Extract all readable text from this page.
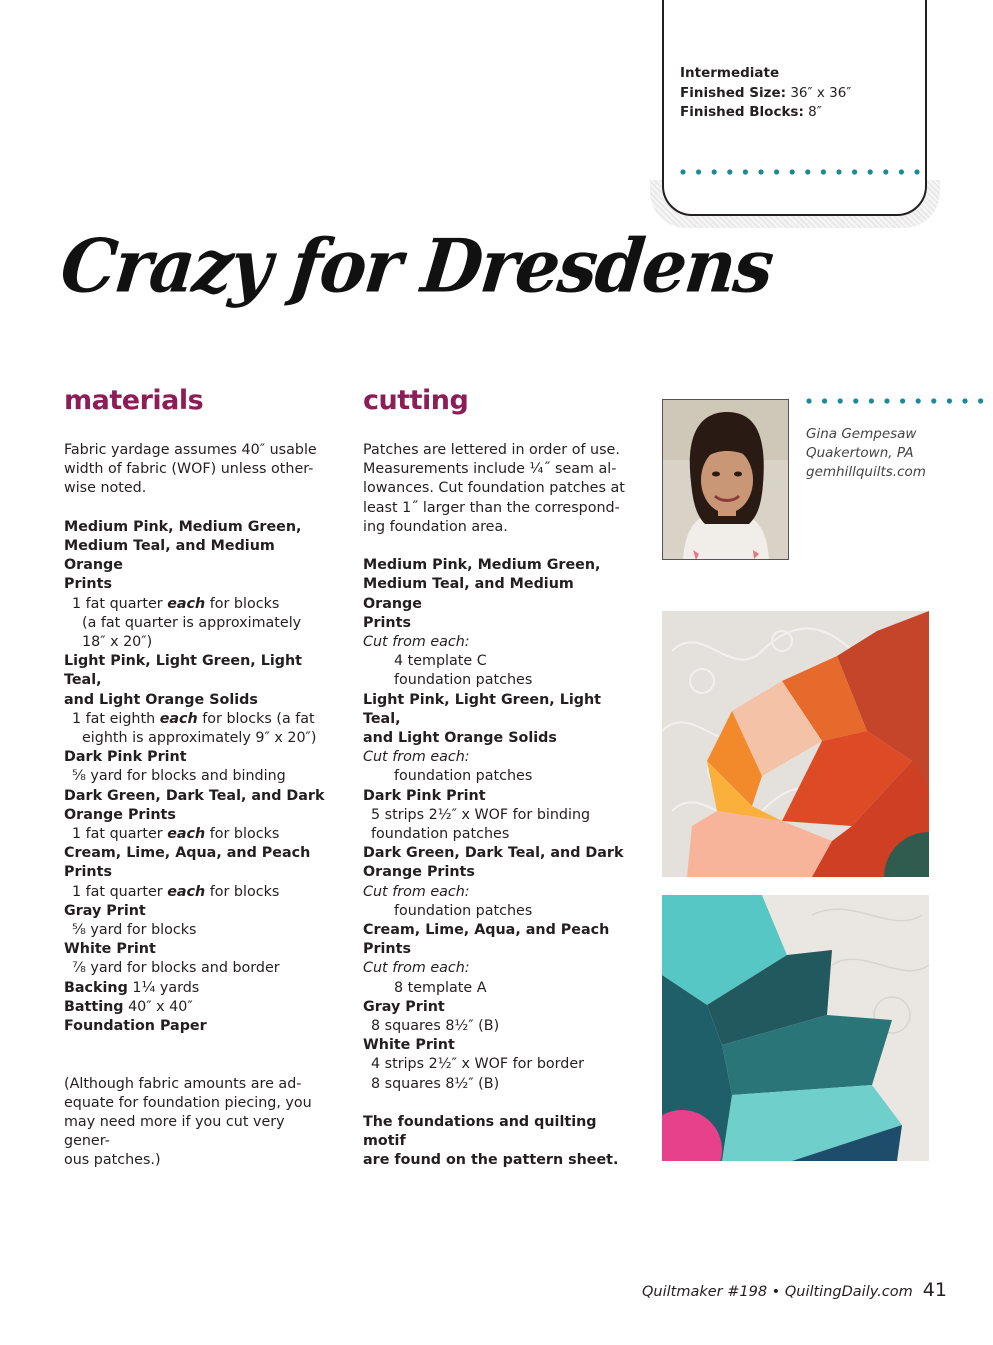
Intermediate
Finished Size: 36″ x 36″
Finished Blocks: 8″
Crazy for Dresdens
materials

Fabric yardage assumes 40″ usable

width of fabric (WOF) unless other-

wise noted.

Medium Pink, Medium Green,

Medium Teal, and Medium Orange

Prints

1 fat quarter each for blocks

(a fat quarter is approximately

18″ x 20″)

Light Pink, Light Green, Light Teal,

and Light Orange Solids

1 fat eighth each for blocks (a fat

eighth is approximately 9″ x 20″)

Dark Pink Print

⅝ yard for blocks and binding

Dark Green, Dark Teal, and Dark

Orange Prints

1 fat quarter each for blocks

Cream, Lime, Aqua, and Peach

Prints

1 fat quarter each for blocks

Gray Print

⅝ yard for blocks

White Print

⅞ yard for blocks and border

Backing 1¼ yards

Batting 40″ x 40″

Foundation Paper

(Although fabric amounts are ad-

equate for foundation piecing, you

may need more if you cut very gener-

ous patches.)

cutting

Patches are lettered in order of use.

Measurements include ¼˝ seam al-

lowances. Cut foundation patches at

least 1˝ larger than the correspond-

ing foundation area.

Medium Pink, Medium Green,

Medium Teal, and Medium Orange

Prints

Cut from each:

4 template C

foundation patches

Light Pink, Light Green, Light Teal,

and Light Orange Solids

Cut from each:

foundation patches

Dark Pink Print

5 strips 2½″ x WOF for binding

foundation patches

Dark Green, Dark Teal, and Dark

Orange Prints

Cut from each:

foundation patches

Cream, Lime, Aqua, and Peach

Prints

Cut from each:

8 template A

Gray Print

8 squares 8½″ (B)

White Print

4 strips 2½″ x WOF for border

8 squares 8½″ (B)

The foundations and quilting motif

are found on the pattern sheet.

Gina Gempesaw
Quakertown, PA
gemhillquilts.com
Quiltmaker #198 • QuiltingDaily.com 41
